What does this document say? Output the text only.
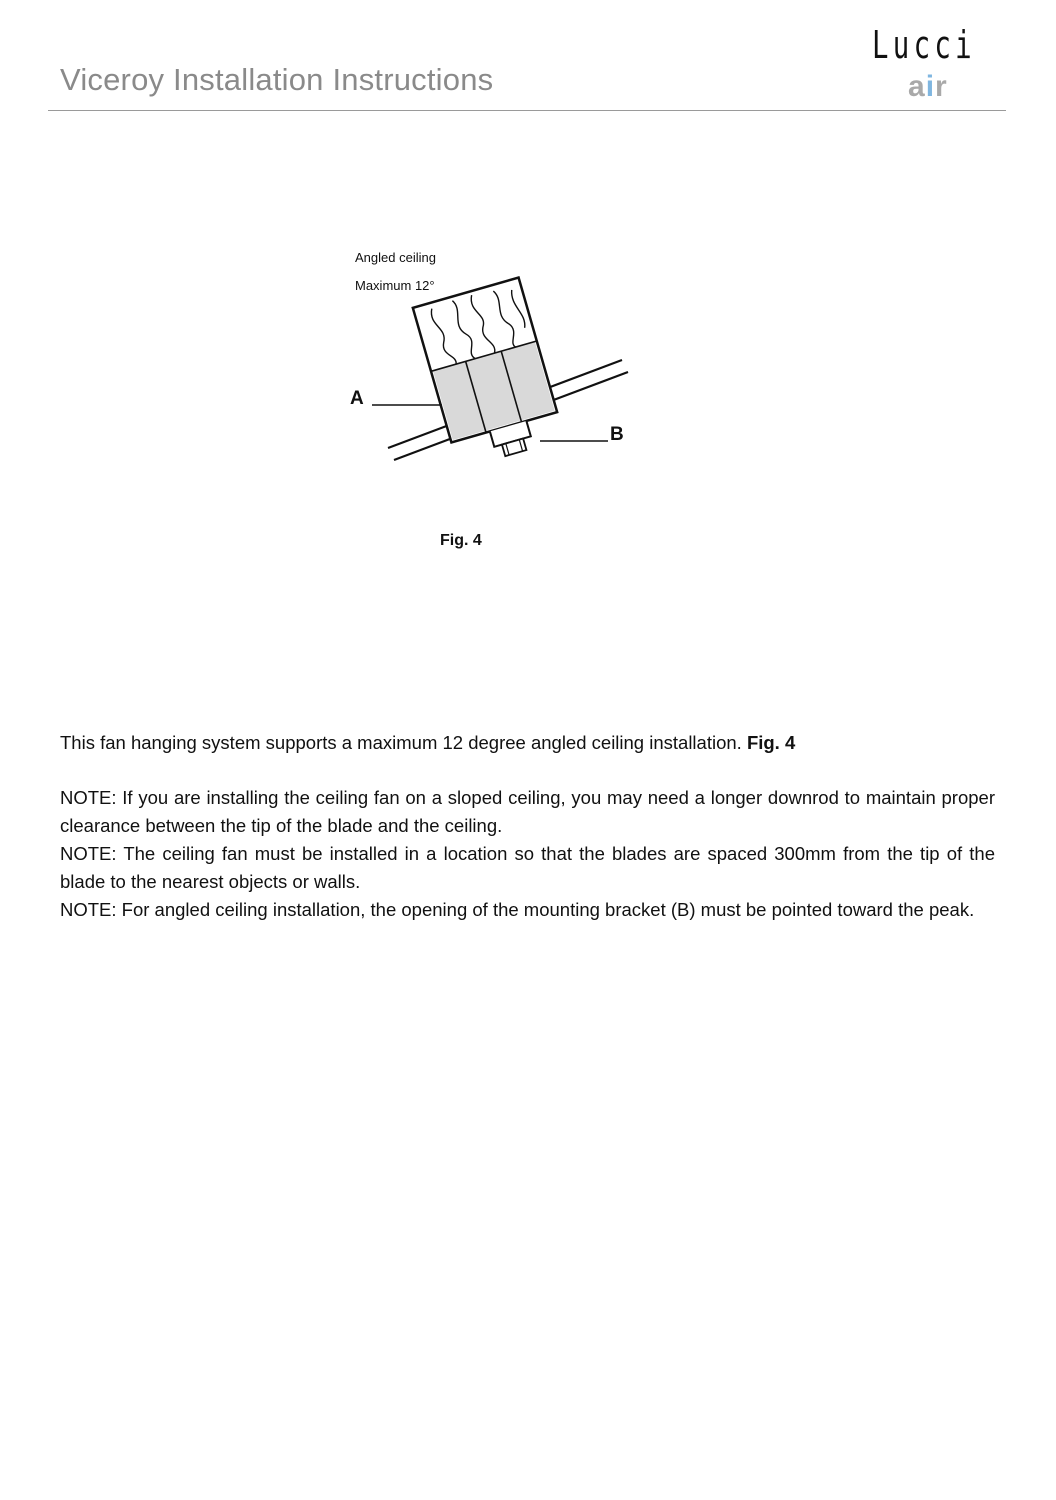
Viceroy Installation Instructions
Lucci
air
Angled ceiling
Maximum 12°
A
B
Fig. 4
This fan hanging system supports a maximum 12 degree angled ceiling installation. Fig. 4

NOTE: If you are installing the ceiling fan on a sloped ceiling, you may need a longer downrod to maintain proper clearance between the tip of the blade and the ceiling.

NOTE: The ceiling fan must be installed in a location so that the blades are spaced 300mm from the tip of the blade to the nearest objects or walls.

NOTE: For angled ceiling installation, the opening of the mounting bracket (B) must be pointed toward the peak.
